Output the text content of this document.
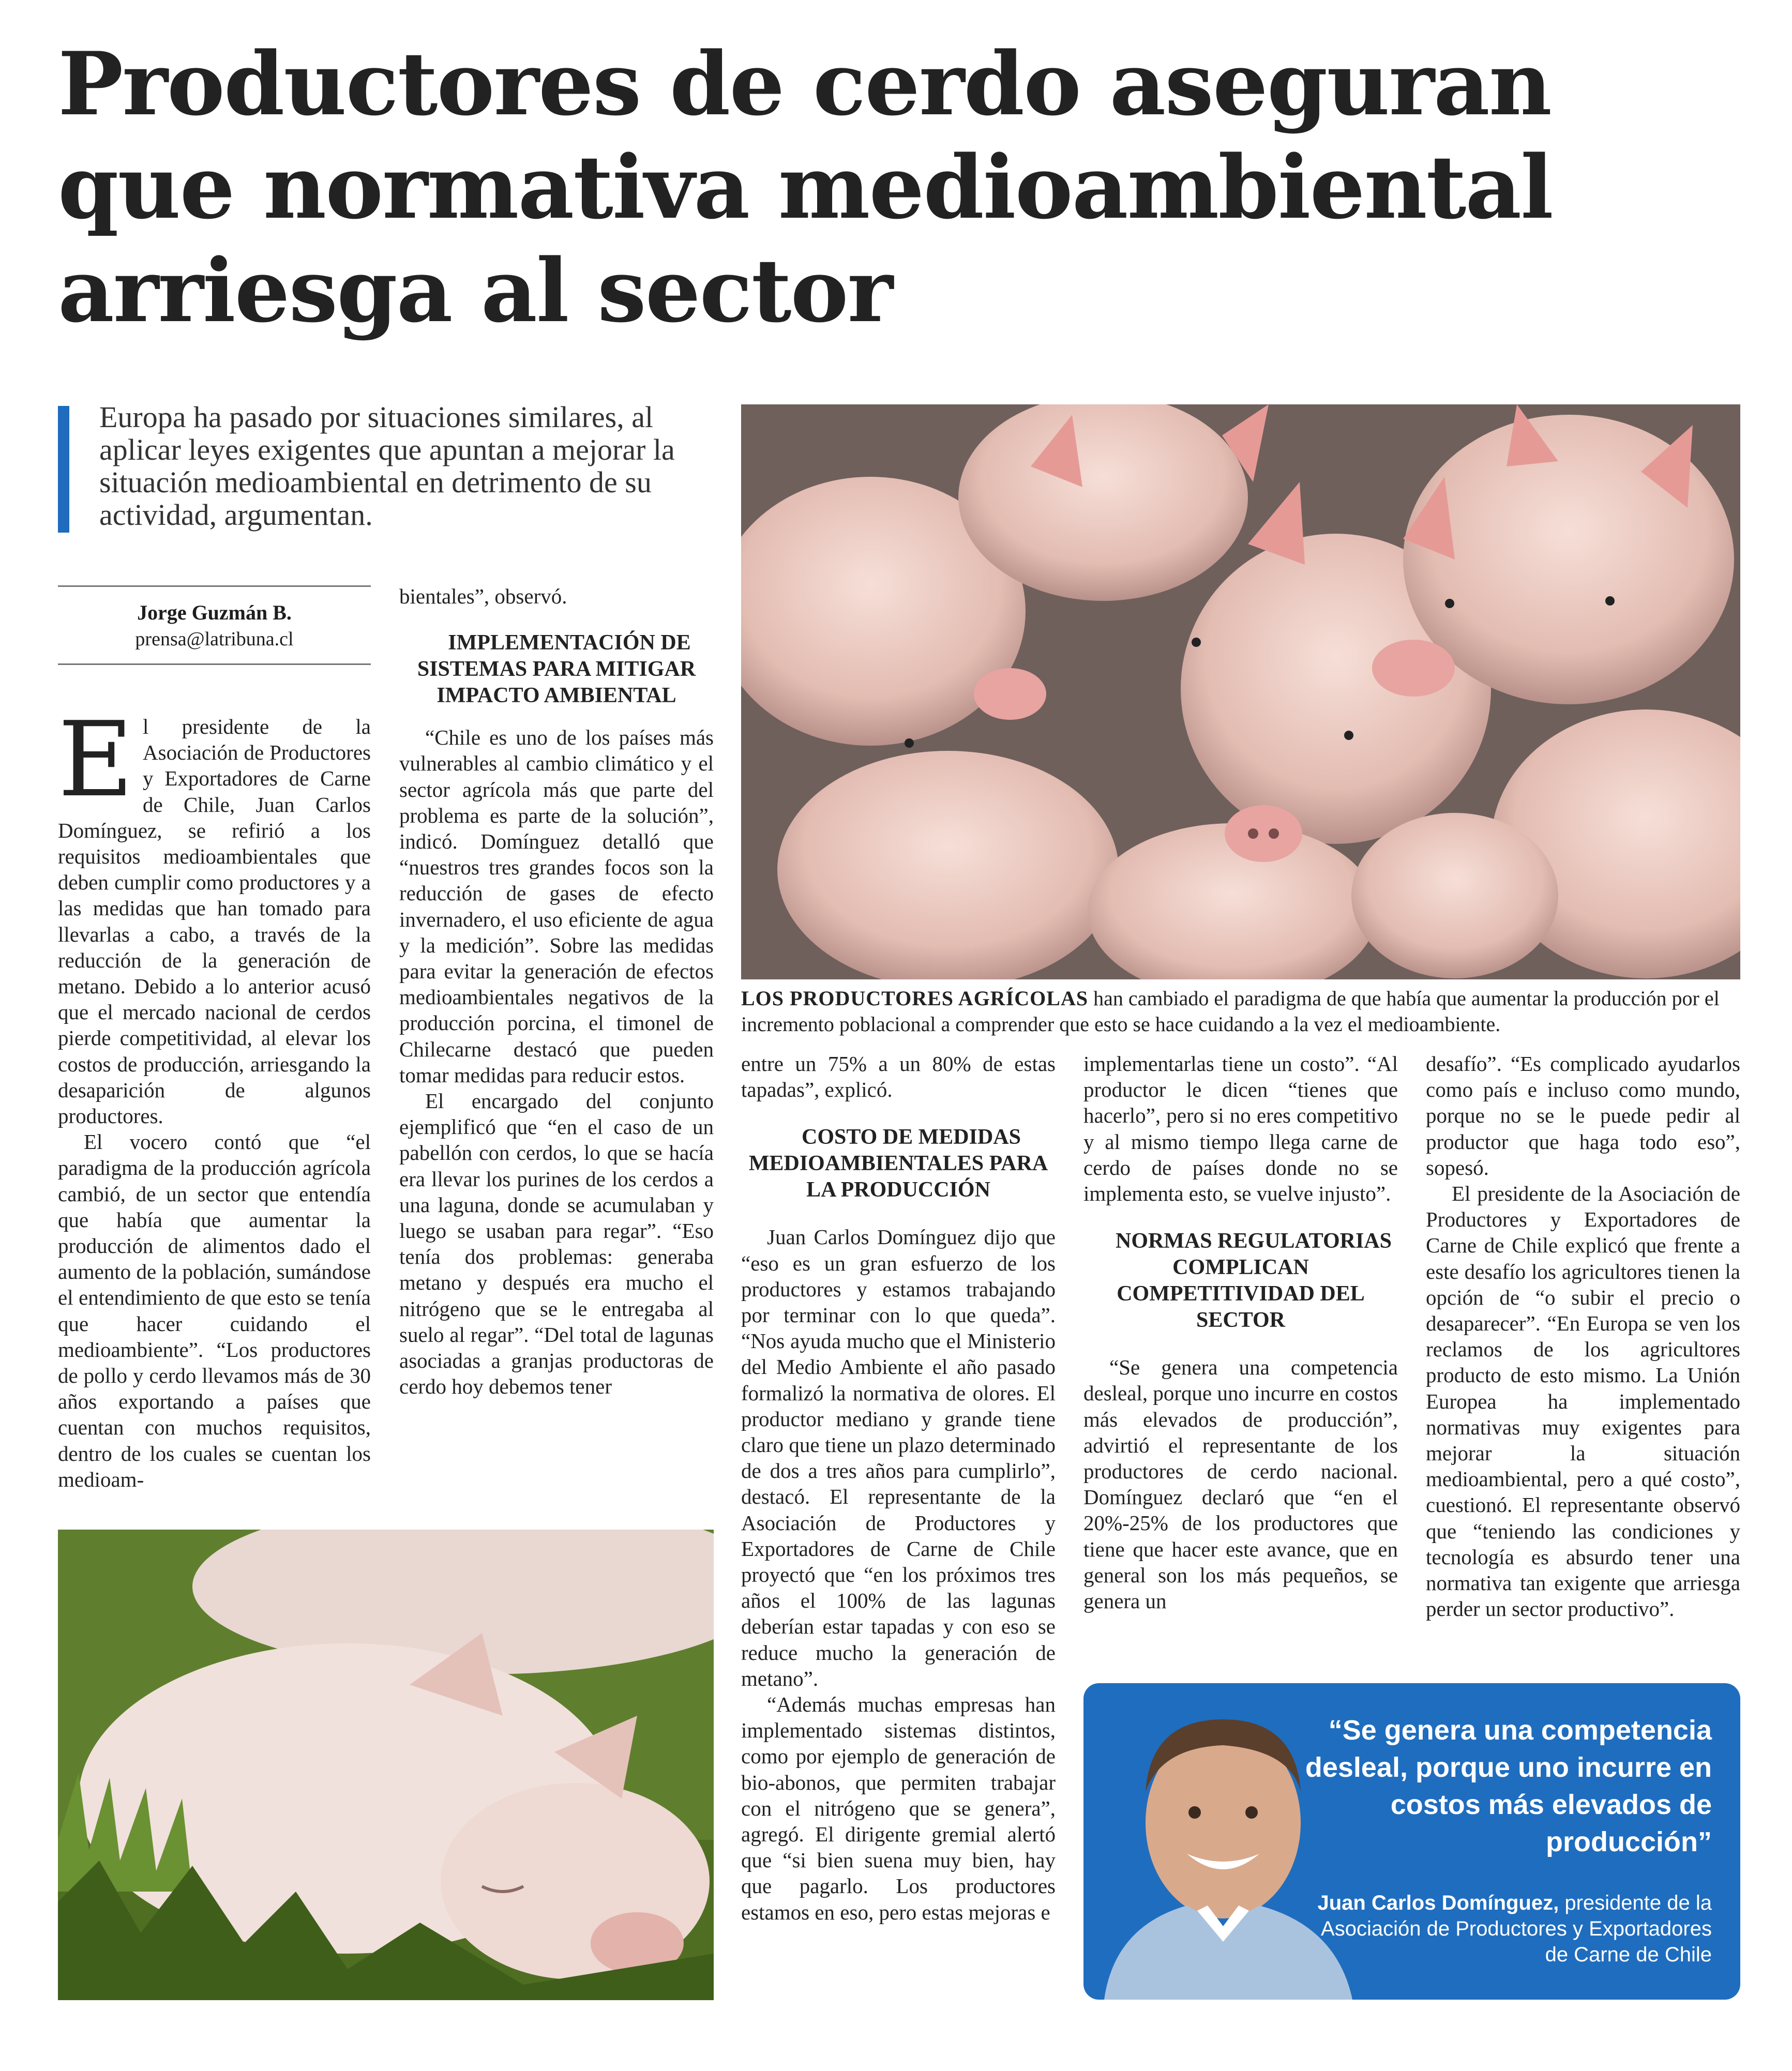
Productores de cerdo aseguran que normativa medioambiental arriesga al sector
Europa ha pasado por situaciones similares, al aplicar leyes exigentes que apuntan a mejorar la situación medioambiental en detrimento de su actividad, argumentan.
Jorge Guzmán B.
prensa@latribuna.cl

El presidente de la Asociación de Productores y Exportadores de Carne de Chile, Juan Carlos Domínguez, se refirió a los requisitos medioambientales que deben cumplir como productores y a las medidas que han tomado para llevarlas a cabo, a través de la reducción de la generación de metano. Debido a lo anterior acusó que el mercado nacional de cerdos pierde competitividad, al elevar los costos de producción, arriesgando la desaparición de algunos productores.

El vocero contó que “el paradigma de la producción agrícola cambió, de un sector que entendía que había que aumentar la producción de alimentos dado el aumento de la población, sumándose el entendimiento de que esto se tenía que hacer cuidando el medioambiente”. “Los productores de pollo y cerdo llevamos más de 30 años exportando a países que cuentan con muchos requisitos, dentro de los cuales se cuentan los medioam-

bientales”, observó.

IMPLEMENTACIÓN DE SISTEMAS PARA MITIGAR IMPACTO AMBIENTAL

“Chile es uno de los países más vulnerables al cambio climático y el sector agrícola más que parte del problema es parte de la solución”, indicó. Domínguez detalló que “nuestros tres grandes focos son la reducción de gases de efecto invernadero, el uso eficiente de agua y la medición”. Sobre las medidas para evitar la generación de efectos medioambientales negativos de la producción porcina, el timonel de Chilecarne destacó que pueden tomar medidas para reducir estos.

El encargado del conjunto ejemplificó que “en el caso de un pabellón con cerdos, lo que se hacía era llevar los purines de los cerdos a una laguna, donde se acumulaban y luego se usaban para regar”. “Eso tenía dos problemas: generaba metano y después era mucho el nitrógeno que se le entregaba al suelo al regar”. “Del total de lagunas asociadas a granjas productoras de cerdo hoy debemos tener

LOS PRODUCTORES AGRÍCOLAS han cambiado el paradigma de que había que aumentar la producción por el incremento poblacional a comprender que esto se hace cuidando a la vez el medioambiente.

entre un 75% a un 80% de estas tapadas”, explicó.

COSTO DE MEDIDAS MEDIOAMBIENTALES PARA LA PRODUCCIÓN

Juan Carlos Domínguez dijo que “eso es un gran esfuerzo de los productores y estamos trabajando por terminar con lo que queda”. “Nos ayuda mucho que el Ministerio del Medio Ambiente el año pasado formalizó la normativa de olores. El productor mediano y grande tiene claro que tiene un plazo determinado de dos a tres años para cumplirlo”, destacó. El representante de la Asociación de Productores y Exportadores de Carne de Chile proyectó que “en los próximos tres años el 100% de las lagunas deberían estar tapadas y con eso se reduce mucho la generación de metano”.

“Además muchas empresas han implementado sistemas distintos, como por ejemplo de generación de bio-abonos, que permiten trabajar con el nitrógeno que se genera”, agregó. El dirigente gremial alertó que “si bien suena muy bien, hay que pagarlo. Los productores estamos en eso, pero estas mejoras e

implementarlas tiene un costo”. “Al productor le dicen “tienes que hacerlo”, pero si no eres competitivo y al mismo tiempo llega carne de cerdo de países donde no se implementa esto, se vuelve injusto”.

NORMAS REGULATORIAS COMPLICAN COMPETITIVIDAD DEL SECTOR

“Se genera una competencia desleal, porque uno incurre en costos más elevados de producción”, advirtió el representante de los productores de cerdo nacional. Domínguez declaró que “en el 20%-25% de los productores que tiene que hacer este avance, que en general son los más pequeños, se genera un

desafío”. “Es complicado ayudarlos como país e incluso como mundo, porque no se le puede pedir al productor que haga todo eso”, sopesó.

El presidente de la Asociación de Productores y Exportadores de Carne de Chile explicó que frente a este desafío los agricultores tienen la opción de “o subir el precio o desaparecer”. “En Europa se ven los reclamos de los agricultores producto de esto mismo. La Unión Europea ha implementado normativas muy exigentes para mejorar la situación medioambiental, pero a qué costo”, cuestionó. El representante observó que “teniendo las condiciones y tecnología es absurdo tener una normativa tan exigente que arriesga perder un sector productivo”.

“Se genera una competencia desleal, porque uno incurre en costos más elevados de producción”
Juan Carlos Domínguez, presidente de la Asociación de Productores y Exportadores de Carne de Chile
